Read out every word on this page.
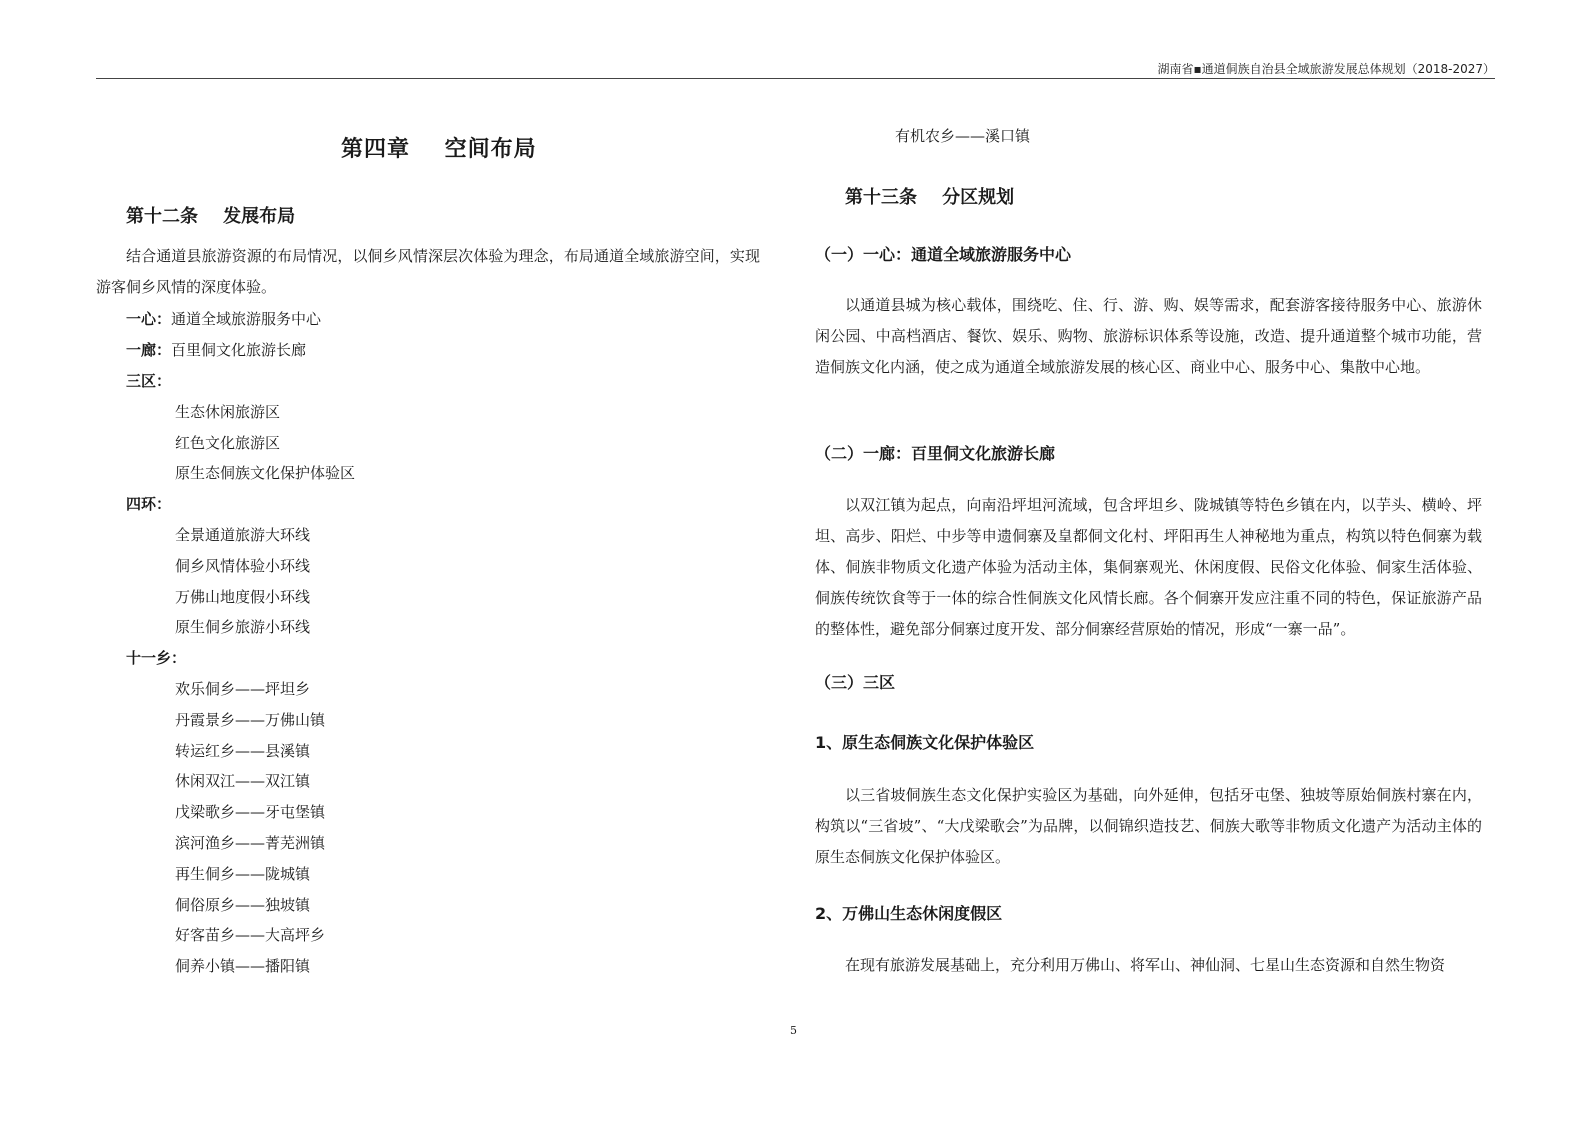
湖南省▪通道侗族自治县全域旅游发展总体规划（2018-2027）
第四章    空间布局
第十二条    发展布局
结合通道县旅游资源的布局情况，以侗乡风情深层次体验为理念，布局通道全域旅游空间，实现游客侗乡风情的深度体验。
一心：通道全域旅游服务中心
一廊：百里侗文化旅游长廊
三区：
生态休闲旅游区
红色文化旅游区
原生态侗族文化保护体验区
四环：
全景通道旅游大环线
侗乡风情体验小环线
万佛山地度假小环线
原生侗乡旅游小环线
十一乡：
欢乐侗乡——坪坦乡
丹霞景乡——万佛山镇
转运红乡——县溪镇
休闲双江——双江镇
戊梁歌乡——牙屯堡镇
滨河渔乡——菁芜洲镇
再生侗乡——陇城镇
侗俗原乡——独坡镇
好客苗乡——大高坪乡
侗养小镇——播阳镇
有机农乡——溪口镇
第十三条    分区规划
（一）一心：通道全域旅游服务中心
以通道县城为核心载体，围绕吃、住、行、游、购、娱等需求，配套游客接待服务中心、旅游休闲公园、中高档酒店、餐饮、娱乐、购物、旅游标识体系等设施，改造、提升通道整个城市功能，营造侗族文化内涵，使之成为通道全域旅游发展的核心区、商业中心、服务中心、集散中心地。
（二）一廊：百里侗文化旅游长廊
以双江镇为起点，向南沿坪坦河流域，包含坪坦乡、陇城镇等特色乡镇在内，以芋头、横岭、坪坦、高步、阳烂、中步等申遗侗寨及皇都侗文化村、坪阳再生人神秘地为重点，构筑以特色侗寨为载体、侗族非物质文化遗产体验为活动主体，集侗寨观光、休闲度假、民俗文化体验、侗家生活体验、侗族传统饮食等于一体的综合性侗族文化风情长廊。各个侗寨开发应注重不同的特色，保证旅游产品的整体性，避免部分侗寨过度开发、部分侗寨经营原始的情况，形成“一寨一品”。
（三）三区
1、原生态侗族文化保护体验区
以三省坡侗族生态文化保护实验区为基础，向外延伸，包括牙屯堡、独坡等原始侗族村寨在内，构筑以“三省坡”、“大戊梁歌会”为品牌，以侗锦织造技艺、侗族大歌等非物质文化遗产为活动主体的原生态侗族文化保护体验区。
2、万佛山生态休闲度假区
在现有旅游发展基础上，充分利用万佛山、将军山、神仙洞、七星山生态资源和自然生物资
5
